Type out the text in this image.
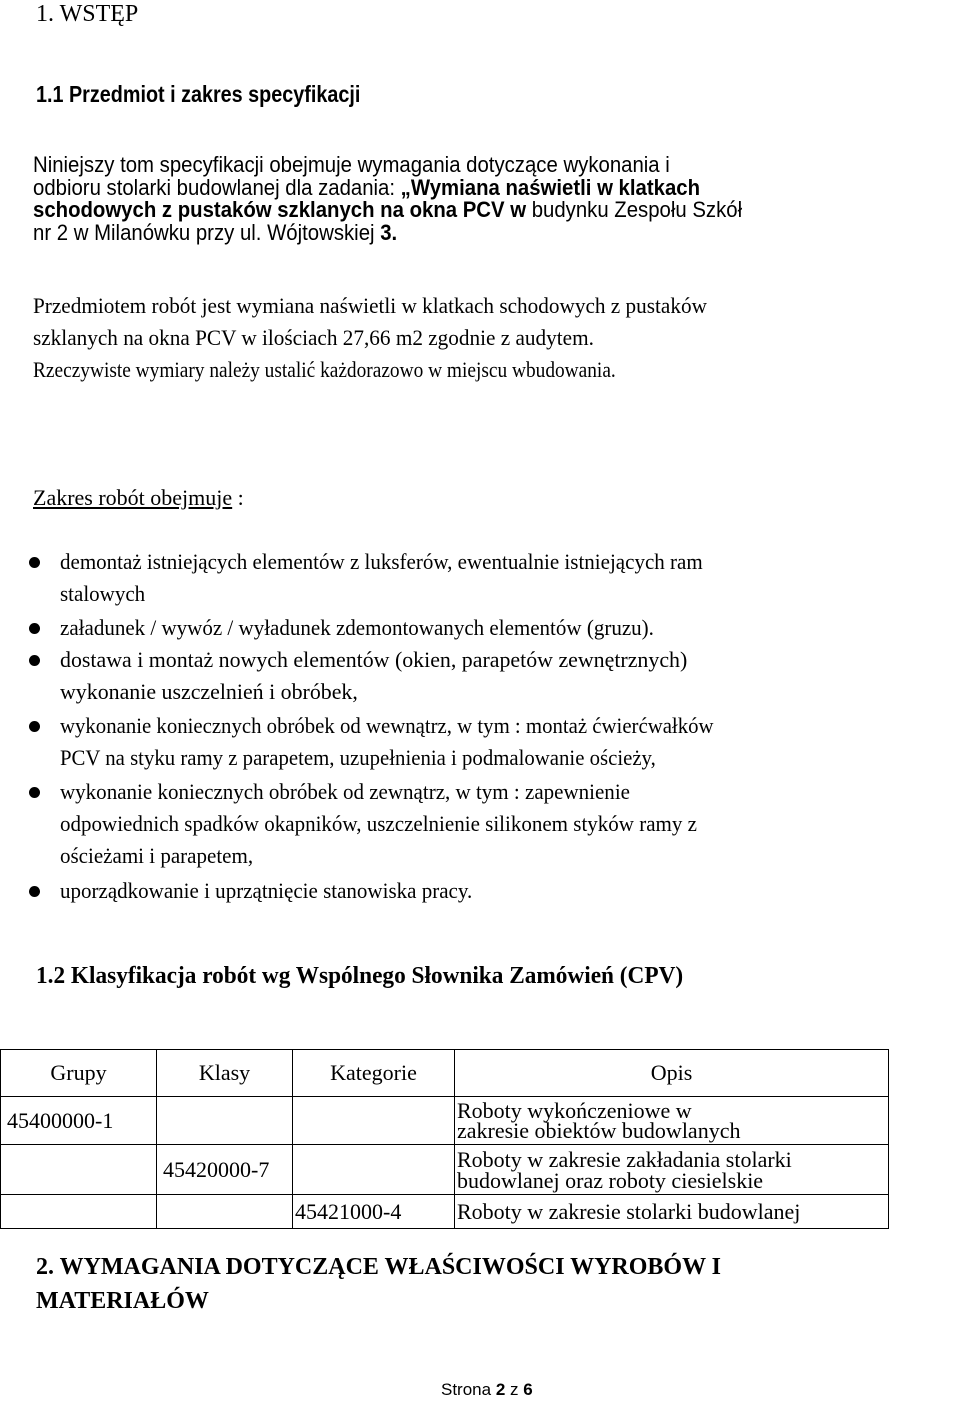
1. WSTĘP
1.1 Przedmiot i zakres specyfikacji
Niniejszy tom specyfikacji obejmuje wymagania dotyczące wykonania i
odbioru stolarki budowlanej dla zadania: „Wymiana naświetli w klatkach
schodowych z pustaków szklanych na okna PCV w budynku Zespołu Szkół
nr 2 w Milanówku przy ul. Wójtowskiej 3.
Przedmiotem robót jest wymiana naświetli w klatkach schodowych z pustaków
szklanych na okna PCV w ilościach 27,66 m2 zgodnie z audytem.
Rzeczywiste wymiary należy ustalić każdorazowo w miejscu wbudowania.
Zakres robót obejmuje :
demontaż istniejących elementów z luksferów, ewentualnie istniejących ram
stalowych
załadunek / wywóz / wyładunek zdemontowanych elementów (gruzu).
dostawa i montaż nowych elementów (okien, parapetów zewnętrznych)
wykonanie uszczelnień i obróbek,
wykonanie koniecznych obróbek od wewnątrz, w tym : montaż ćwierćwałków
PCV na styku ramy z parapetem, uzupełnienia i podmalowanie ościeży,
wykonanie koniecznych obróbek od zewnątrz, w tym : zapewnienie
odpowiednich spadków okapników, uszczelnienie silikonem styków ramy z
ościeżami i parapetem,
uporządkowanie i uprzątnięcie stanowiska pracy.
1.2 Klasyfikacja robót wg Wspólnego Słownika Zamówień (CPV)
Grupy	Klasy	Kategorie	Opis
45400000-1			Roboty wykończeniowe w
zakresie obiektów budowlanych

	45420000-7		Roboty w zakresie zakładania stolarki
budowlanej oraz roboty ciesielskie

		45421000-4	Roboty w zakresie stolarki budowlanej
2. WYMAGANIA DOTYCZĄCE WŁAŚCIWOŚCI WYROBÓW I
MATERIAŁÓW
Strona 2 z 6
